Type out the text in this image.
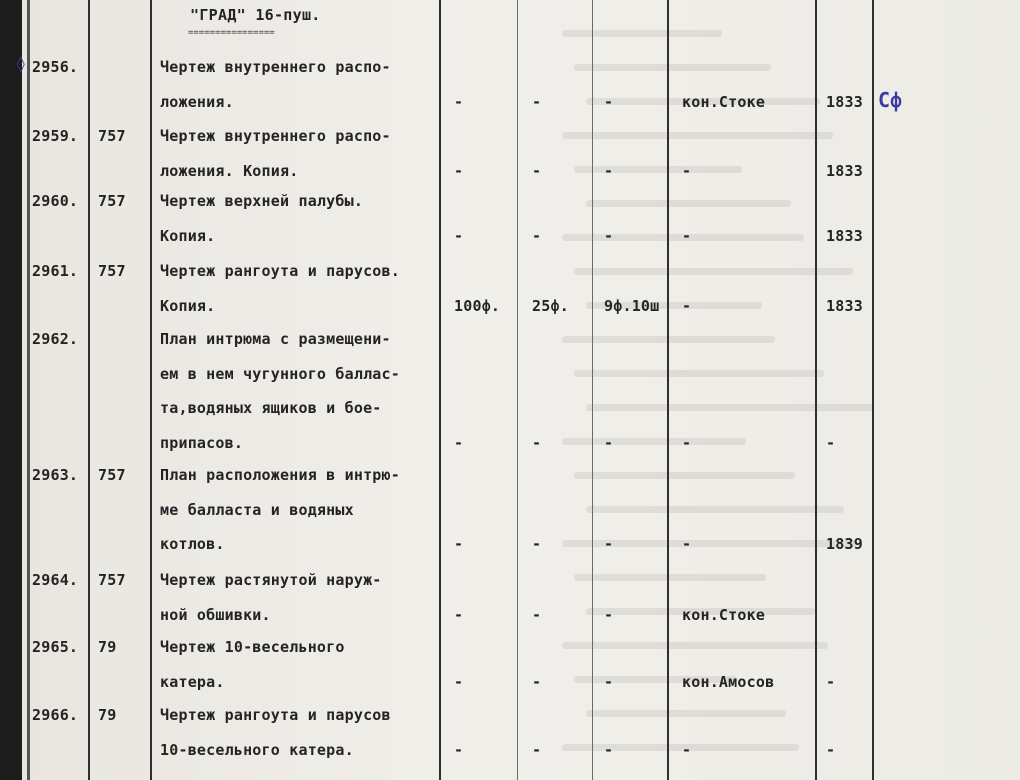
"ГРАД" 16-пуш.
================
◊
Сф
2956.	Чертеж внутреннего распо-
ложения.	-	-	-	кон.Стоке	1833
2959. 757 Чертеж внутреннего распо-
ложения. Копия.	-	-	-	-	1833
2960. 757 Чертеж верхней палубы.
Копия.	-	-	-	-	1833
2961. 757 Чертеж рангоута и парусов.
Копия.	100ф. 25ф. 9ф.10ш -	1833
2962.	План интрюма с размещени-
ем в нем чугунного баллас-
та,водяных ящиков и бое-
припасов.	-	-	-	-	-
2963. 757 План расположения в интрю-
ме балласта и водяных
котлов.	-	-	-	-	1839
2964. 757 Чертеж растянутой наруж-
ной обшивки.	-	-	-	кон.Стоке
2965. 79	Чертеж 10-весельного
катера.	-	-	-	кон.Амосов	-
2966. 79	Чертеж рангоута и парусов
10-весельного катера.	-	-	-	-	-
